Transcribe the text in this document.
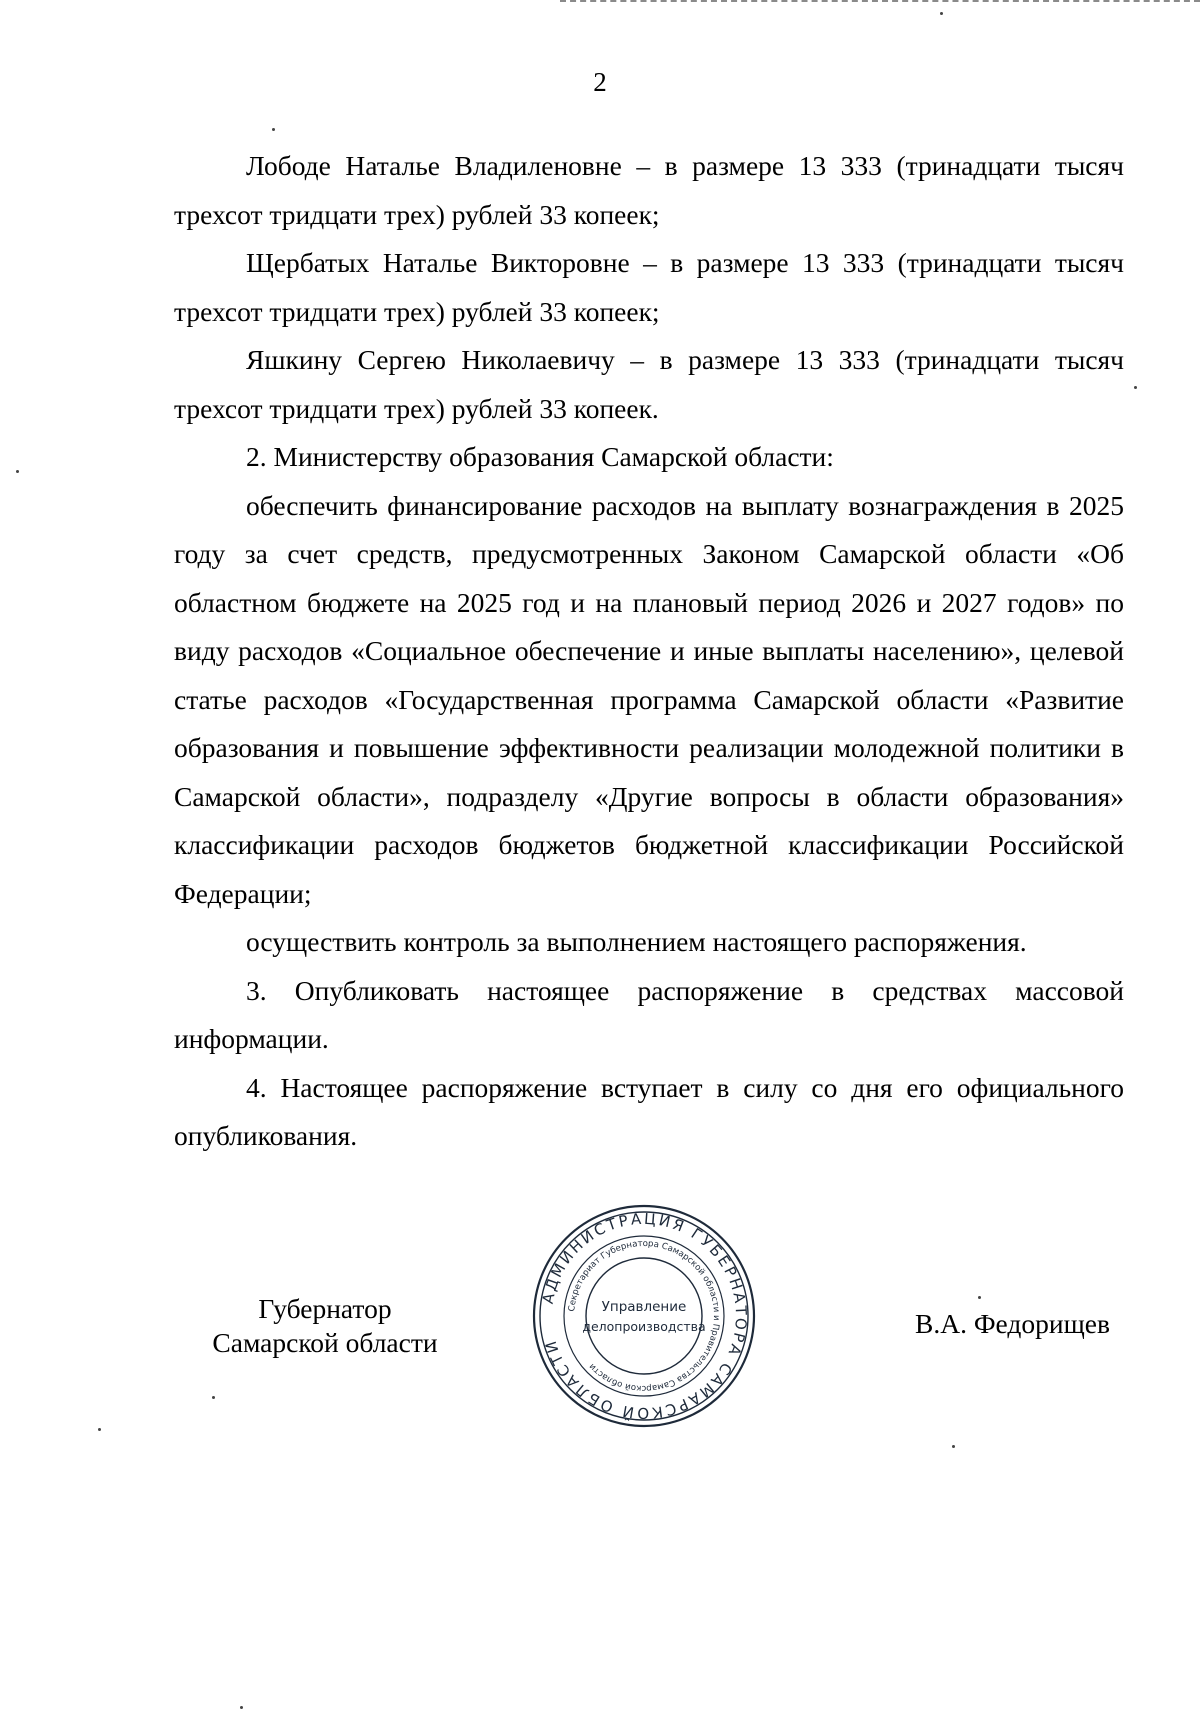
2

Лободе Наталье Владиленовне – в размере 13 333 (тринадцати тысяч трехсот тридцати трех) рублей 33 копеек;

Щербатых Наталье Викторовне – в размере 13 333 (тринадцати тысяч трехсот тридцати трех) рублей 33 копеек;

Яшкину Сергею Николаевичу – в размере 13 333 (тринадцати тысяч трехсот тридцати трех) рублей 33 копеек.

2. Министерству образования Самарской области:

обеспечить финансирование расходов на выплату вознаграждения в 2025 году за счет средств, предусмотренных Законом Самарской области «Об областном бюджете на 2025 год и на плановый период 2026 и 2027 годов» по виду расходов «Социальное обеспечение и иные выплаты населению», целевой статье расходов «Государственная программа Самарской области «Развитие образования и повышение эффективности реализации молодежной политики в Самарской области», подразделу «Другие вопросы в области образования» классификации расходов бюджетов бюджетной классификации Российской Федерации;

осуществить контроль за выполнением настоящего распоряжения.

3. Опубликовать настоящее распоряжение в средствах массовой информации.

4. Настоящее распоряжение вступает в силу со дня его официального опубликования.

Губернатор
Самарской области
АДМИНИСТРАЦИЯ ГУБЕРНАТОРА САМАРСКОЙ ОБЛАСТИ
Секретариат Губернатора Самарской области и Правительства Самарской области
Управление
делопроизводства	В.А. Федорищев
